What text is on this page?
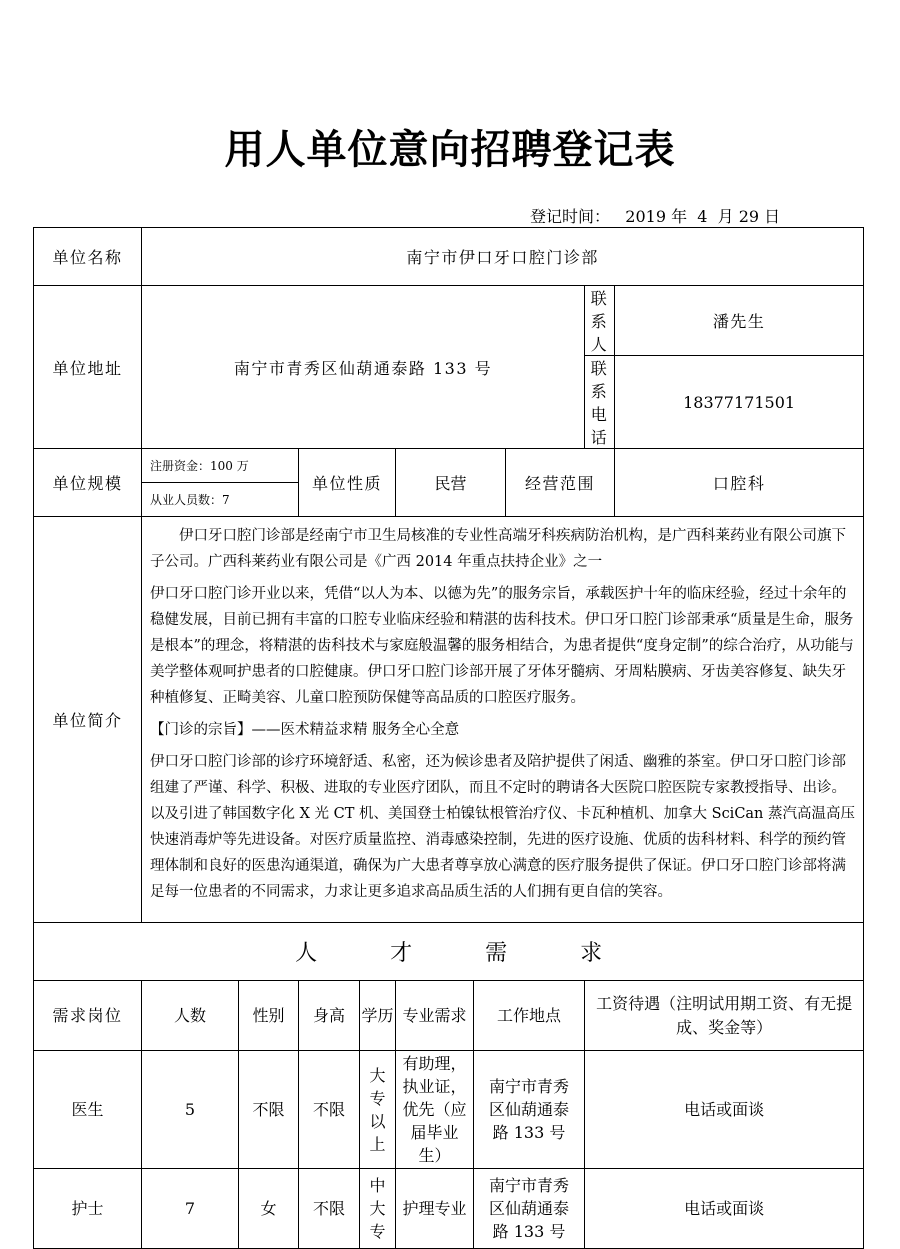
用人单位意向招聘登记表
登记时间： 2019 年  4  月 29 日
单位名称	南宁市伊口牙口腔门诊部								
单位地址	南宁市青秀区仙葫通泰路 133 号							联系人	潘先生
								联系电话	18377171501
单位规模	注册资金：100 万		单位性质		民营		经营范围		口腔科
	从业人员数：7								
单位简介	伊口牙口腔门诊部是经南宁市卫生局核准的专业性高端牙科疾病防治机构，是广西科莱药业有限公司旗下子公司。广西科莱药业有限公司是《广西 2014 年重点扶持企业》之一

伊口牙口腔门诊开业以来，凭借“以人为本、以德为先”的服务宗旨，承载医护十年的临床经验，经过十余年的稳健发展，目前已拥有丰富的口腔专业临床经验和精湛的齿科技术。伊口牙口腔门诊部秉承“质量是生命，服务是根本”的理念，将精湛的齿科技术与家庭般温馨的服务相结合，为患者提供“度身定制”的综合治疗，从功能与美学整体观呵护患者的口腔健康。伊口牙口腔门诊部开展了牙体牙髓病、牙周粘膜病、牙齿美容修复、缺失牙种植修复、正畸美容、儿童口腔预防保健等高品质的口腔医疗服务。

【门诊的宗旨】——医术精益求精 服务全心全意

伊口牙口腔门诊部的诊疗环境舒适、私密，还为候诊患者及陪护提供了闲适、幽雅的茶室。伊口牙口腔门诊部组建了严谨、科学、积极、进取的专业医疗团队，而且不定时的聘请各大医院口腔医院专家教授指导、出诊。以及引进了韩国数字化 X 光 CT 机、美国登士柏镍钛根管治疗仪、卡瓦种植机、加拿大 SciCan 蒸汽高温高压快速消毒炉等先进设备。对医疗质量监控、消毒感染控制，先进的医疗设施、优质的齿科材料、科学的预约管理体制和良好的医患沟通渠道，确保为广大患者尊享放心满意的医疗服务提供了保证。伊口牙口腔门诊部将满足每一位患者的不同需求，力求让更多追求高品质生活的人们拥有更自信的笑容。								

人 才 需 求									
需求岗位	人数	性别	身高	学历	专业需求	工作地点		工资待遇（注明试用期工资、有无提成、奖金等）	
医生	5	不限	不限	大专以上	有助理，执业证，优先（应届毕业生）	南宁市青秀区仙葫通泰路 133 号		电话或面谈	
护士	7	女	不限	中大专	护理专业	南宁市青秀区仙葫通泰路 133 号		电话或面谈	
